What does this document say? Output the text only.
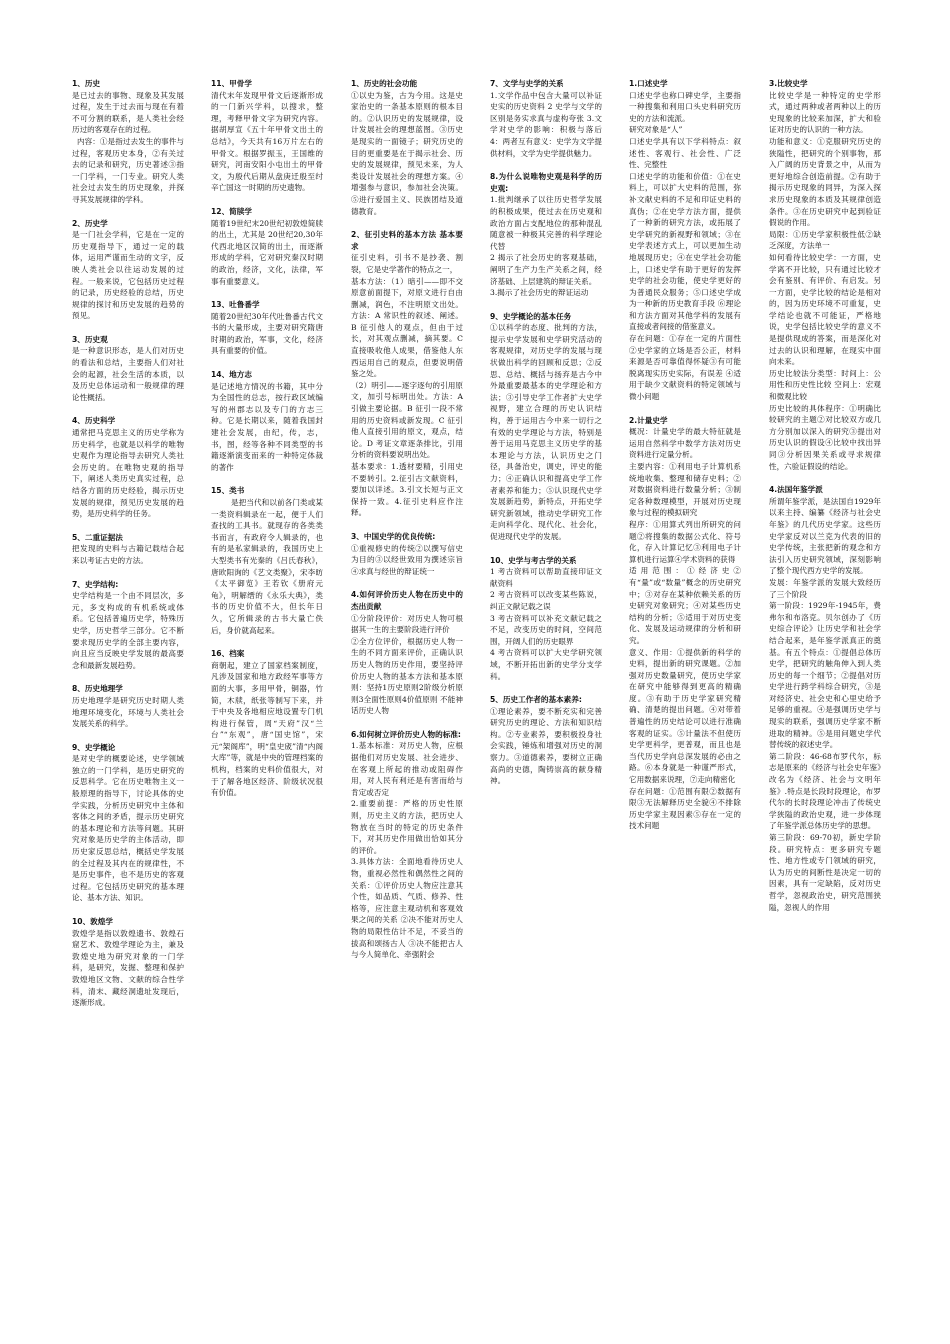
1、历史
是已过去的事物、现象及其发展过程，发生于过去而与现在有着不可分割的联系，是人类社会经历过的客观存在的过程。
内容：①是指过去发生的事件与过程，客观历史本身，②有关过去的记录和研究，历史著述③指一门学科，一门专业。研究人类社会过去发生的历史现象，并探寻其发展规律的学科。
2、历史学
是一门社会学科，它是在一定的历史观指导下，通过一定的载体，运用严谨而生动的文字，反映人类社会以往运动发展的过程。一般来说，它包括历史过程的记录，历史经验的总结，历史规律的探讨和历史发展的趋势的预见。
3、历史观
是一种意识形态，是人们对历史的看法和总结，主要指人们对社会的起源，社会生活的本质，以及历史总体运动和一般规律的理论性概括。
4、历史科学
通常把马克思主义的历史学称为历史科学，也就是以科学的唯物史观作为理论指导去研究人类社会历史的。在唯物史观的指导下，阐述人类历史真实过程，总结各方面的历史经验，揭示历史发展的规律，预见历史发展的趋势，是历史科学的任务。
5、二重证据法
把发现的史料与古籍记载结合起来以考证古史的方法。
7、史学结构:
史学结构是一个由不同层次，多元，多支构成的有机系统或体系。它包括普遍历史学，特殊历史学，历史哲学三部分。它不断要求现历史学的全部主要内容，向且应当反映史学发展的最高要念和最新发展趋势。
8、历史地理学
历史地理学是研究历史时期人类地理环境变化，环境与人类社会发展关系的科学。
9、史学概论
是对史学的概要论述，史学领域独立的一门学科，是历史研究的反思科学。它在历史唯物主义一般原理的指导下，讨论具体的史学实践，分析历史研究中主体和客体之间的矛盾，提示历史研究的基本理论和方法等问题。其研究对象是历史学的主体活动，即历史家反思总结，概括史学发展的全过程及其内在的规律性，不是历史事件，也不是历史的客观过程。它包括历史研究的基本理论、基本方法、知识。
10、敦煌学
敦煌学是指以敦煌遗书、敦煌石窟艺术、敦煌学理论为主，兼及敦煌史地为研究对象的一门学科，是研究，发掘、整理和保护敦煌地区文物、文献的综合性学科，清末、藏经洞遗址发现后，逐渐形成。
11、甲骨学
清代末年发现甲骨文后逐渐形成的一门新兴学科，以搜求，整理，考释甲骨文字为研究内容。据胡厚宣《五十年甲骨文出土的总结》，今天共有16万片左右的甲骨文。根据罗振玉，王国维的研究，河南安阳小屯出土的甲骨文，为殷代后期从盘庚迁殷至纣辛亡国这一时期的历史遗物。
12、简牍学
随着19世纪末20世纪初敦煌简牍的出土，尤其是 20世纪20,30年代西北地区汉简的出土，而逐渐形成的学科，它对研究秦汉时期的政治，经济，文化，法律，军事有重要意义。
13、吐鲁番学
随着20世纪30年代吐鲁番古代文书的大量形成，主要对研究隋唐时期的政治，军事，文化，经济具有重要的价值。
14、地方志
是记述地方情况的书籍，其中分为全国性的总志，按行政区域编写的州郡志以及专门的方志三种。它是长期以来，随着我国封建社会发展，由纪，传，志，书，图，经等各种不同类型的书籍逐渐演变而来的一种特定体裁的著作
15、类书
是把当代和以前各门类或某一类资料辑录在一起，便于人们查找的工具书。就现存的各类类书而言，有政府令人辑录的，也有的是私家辑录的，我国历史上大型类书有光秦的《吕氏春秋》，唐欧阳询的《艺文类聚》，宋李昉《太平御览》王若钦《册府元龟》，明解缙的《永乐大典》，类书的历史价值不大，但长年日久，它所辑录的古书大量亡佚后，身价就高起来。
16、档案
商朝起，建立了国家档案制度，凡涉及国家和地方政经军事等方面的大事，多用甲骨，铜器，竹简，木牍，纸张等制写下来，并于中央及各地相应地设置专门机构进行保管，周“天府”汉“兰台”“东观”，唐“国史馆”，宋元“架阁库”，明“皇史宬”清“内阁大库”等，就是中央的管理档案的机构，档案的史料价值很大，对于了解各地区经济、阶级状况很有价值。
1、历史的社会功能
①以史为鉴，古为今用。这是史家治史的一条基本原则的根本目的。②认识历史的发展规律，设计发展社会的理想蓝图。③历史是现实的一面镜子；研究历史的目的更重要是在于揭示社会、历史的发展规律，预见未来，为人类设计发展社会的理想方案。④增强参与意识，参加社会决策。⑤进行爱国主义、民族团结及道德教育。
2、征引史料的基本方法 基本要求
征引史料，引书不是抄袭、割裂，它是史学著作的特点之一，
基本方法：（1）暗引——即不交原意前面提下，对原文进行自由删减，润色，不注明原文出处。方法：A 常识性的叙述、阐述。B 征引他人的观点，但由于过长，对其观点删减，摘其要。C 直接吸收他人成果，借鉴他人东西运用自己的观点，但要说明借鉴之处。
（2）明引——逐字逐句的引用原文，加引号标明出处。方法：A 引做主要论据。B 征引一段不常用的历史资料或新发现。C 征引他人直接引用的原文，观点，结论。D 考证文章逐条排比，引用分析的资料要说明出处。
基本要求：1.透材要精，引用史不要转引。2.征引古文献资料，要加以详述。3.引文长短与正文保持一致。4.征引史料应作注释。
3、中国史学的优良传统:
①重视修史的传统②以撰写信史为目的③以经世致用为撰述宗旨④求真与经世的辩证统一
4.如何评价历史人物在历史中的杰出贡献
①分阶段评价：对历史人物可根据其一生的主要阶段进行评价
②全方位评价，根据历史人物一生的不同方面来评价，正确认识历史人物的历史作用，要坚持评价历史人物的基本方法和基本原则：坚持1历史原则2阶级分析原则3全面性原则4价值原则 不能神话历史人物
6.如何树立评价历史人物的标准:
1.基本标准：对历史人物，应根据他们对历史发展、社会进步、在客观上所起的推动或阻碍作用，对人民有利还是有害而给与肯定或否定
2.重要前提：严格的历史性原则，历史主义的方法，把历史人物放在当时的特定的历史条件下，对其历史作用做出恰如其分的评价。
3.具体方法：全面地看待历史人物，重视必然性和偶然性之间的关系：①评价历史人物应注意其个性，如品质、气质、修养、性格等，应注意主观动机和客观效果之间的关系 ②决不能对历史人物的局限性估计不足，不妥当的拔高和颂扬古人 ③决不能把古人与今人简单化、牵强附会
7、文学与史学的关系
1.文学作品中包含大量可以补证史实的历史资料 2 史学与文学的区别是务实求真与虚构夸张 3.文学对史学的影响：积极与落后 4：两者互有意义：史学为文学提供材料，文学为史学提供魅力。
8.为什么说唯物史观是科学的历史观:
1.批判继承了以往历史哲学发展的积极成果，使过去在历史观和政治方面占支配地位的那种混乱随意被一种极其完善的科学理论代替
2 揭示了社会历史的客观基础，阐明了生产力生产关系之间，经济基础、上层建筑的辩证关系。
3.揭示了社会历史的辩证运动
9、史学概论的基本任务
①以科学的态度、批判的方法，提示史学发展和史学研究活动的客观规律，对历史学的发展与现状做出科学的回顾和反思；②反思、总结、概括与扬弃是古今中外最重要最基本的史学理论和方法；③引导史学工作者扩大史学视野，建立合理的历史认识结构，善于运用古今中来一切行之有效的史学理论与方法，特别是善于运用马克思主义历史学的基本理论与方法，认识历史之门径，具备治史，调史，评史的能力；④正确认识和提高史学工作者素养和能力；⑤认识现代史学发展新趋势，新特点，开拓史学研究新领域，推动史学研究工作走向科学化、现代化、社会化，促进现代史学的发展。
10、史学与考古学的关系
1 考古资料可以帮助直接印证文献资料
2 考古资料可以改变某些陈说，纠正文献记载之误
3 考古资料可以补充文献记载之不足，改变历史的时间，空间范围，开阔人们的历史眼界
4 考古资料可以扩大史学研究领域，不断开拓出新的史学分支学科。
5、历史工作者的基本素养:
①理论素养，要不断充实和完善研究历史的理论、方法和知识结构。②专业素养，要积极投身社会实践，锤炼和增强对历史的洞察力。③道德素养，要树立正确高尚的史德，陶铸崇高的献身精神。
1.口述史学
口述史学也称口碑史学，主要指一种搜集和利用口头史料研究历史的方法和流派。
研究对象是“人”
口述史学具有以下学科特点：叙述性、客观行、社会性、广泛性、完整性
口述史学的功能和价值：①在史料上，可以扩大史料的范围，弥补文献史料的不足和印证史料的真伪；②在史学方法方面，提供了一种新的研究方法，或拓展了史学研究的新视野和领域；③在史学表述方式上，可以更加生动地展现历史；④在史学社会功能上，口述史学有助于更好的发挥史学的社会功能，使史学更好的为普通民众服务；⑤口述史学成为一种新的历史教育手段 ⑥理论和方法方面对其他学科的发展有直接或者间接的借鉴意义。
存在问题：①存在一定的片面性 ②史学家的立场是否公正，材料来源是否可靠值得怀疑③有可能脱离现实历史实际，有误差 ④适用于缺少文献资料的特定领域与微小问题
2.计量史学
概况：计量史学的最大特征就是运用自然科学中数学方法对历史资料进行定量分析。
主要内容：①利用电子计算机系统地收集、整理和储存史料；②对数据资料进行数量分析；③制定各种数理模型，开展对历史现象与过程的模拟研究
程序：①用算式列出所研究的问题②将搜集的数据公式化、符号化，存入计算记忆③利用电子计算机进行运算④学术资料的获得
适用范围：①经济史②有“量”或“数量”概念的历史研究中；③对存在某种依赖关系的历史研究对象研究；④对某些历史结构的分析；⑤适用于对历史变化、发展及运动规律的分析和研究。
意义、作用：①提供新的科学的史料，提出新的研究课题。②加强对历史数量研究，使历史学家在研究中能够得到更高的精确度。③有助于历史学家研究精确、清楚的提出问题。④对带着普遍性的历史结论可以进行准确客观的证实。⑤计量法不但使历史学更科学，更普观，而且也是当代历史学向总深发展的必由之路。⑥本身就是一种谨严形式，它用数据来说理，⑦走向精密化
存在问题：①范围有限②数据有限③无法解释历史全貌④不排除历史学家主观因素⑤存在一定的技术问题
3.比较史学
比较史学是一种特定的史学形式，通过两种或者两种以上的历史现象的比较来加深，扩大和验证对历史的认识的一种方法。
功能和意义：①克服研究历史的狭隘性，把研究的个别事物，那入广阔的历史背景之中，从而为更好地综合创造前提。②有助于揭示历史现象的同异，为深入探求历史现象的本质及其规律创造条件。③在历史研究中起到验证假说的作用。
局限：①历史学家积极性低②缺乏深度，方法单一
如何看待比较史学：一方面，史学离不开比较，只有通过比较才会有鉴别、有评价、有启发。另一方面，史学比较的结论是相对的，因为历史环境不可重复，史学结论也就不可能证，严格地说，史学包括比较史学的意义不是提供现成的答案，而是深化对过去的认识和理解，在现实中面向未来。
历史比较法分类型：时间上：公用性和历史性比较 空间上：宏观和微观比较
历史比较的具体程序：①明确比较研究的主题②对比较双方或几方分别加以深入的研究③提出对历史认识的假设④比较中找出异同③分析因果关系或寻求规律性，六验证假设的结论。
4.法国年鉴学派
所谓年鉴学派，是法国自1929年以来主持、编纂《经济与社会史年鉴》的几代历史学家。这些历史学家反对以兰克为代表的旧的史学传统，主张把新的观念和方法引入历史研究领域，深刻影响了整个现代西方史学的发展。
发展：年鉴学派的发展大致经历了三个阶段
第一阶段：1929年-1945年，费弗尔和布洛克。贝尔创办了《历史综合评论》让历史学和社会学结合起来，是年鉴学派真正的奠基。有五个特点：①提倡总体历史学，把研究的触角伸入到人类历史的每一个细节；②提倡对历史学进行跨学科综合研究，③是对经济史、社会史和心里史给予足够的重视。④是强调历史学与现实的联系，强调历史学家不断进取的精神。⑤是用问题史学代替传统的叙述史学。
第二阶段：46-68布罗代尔，标志是原来的《经济与社会史年鉴》改名为《经济、社会与文明年鉴》.特点是长段时段理论，布罗代尔的长时段理论冲击了传统史学狭隘的政治史观，进一步体现了年鉴学派总体历史学的思想。
第三阶段：69-70初，新史学阶段。研究特点：更多研究专题性、地方性或专门领域的研究，认为历史的间断性是决定一切的因素，具有一定缺陷，反对历史哲学，忽视政治史，研究范围狭隘，忽视人的作用
